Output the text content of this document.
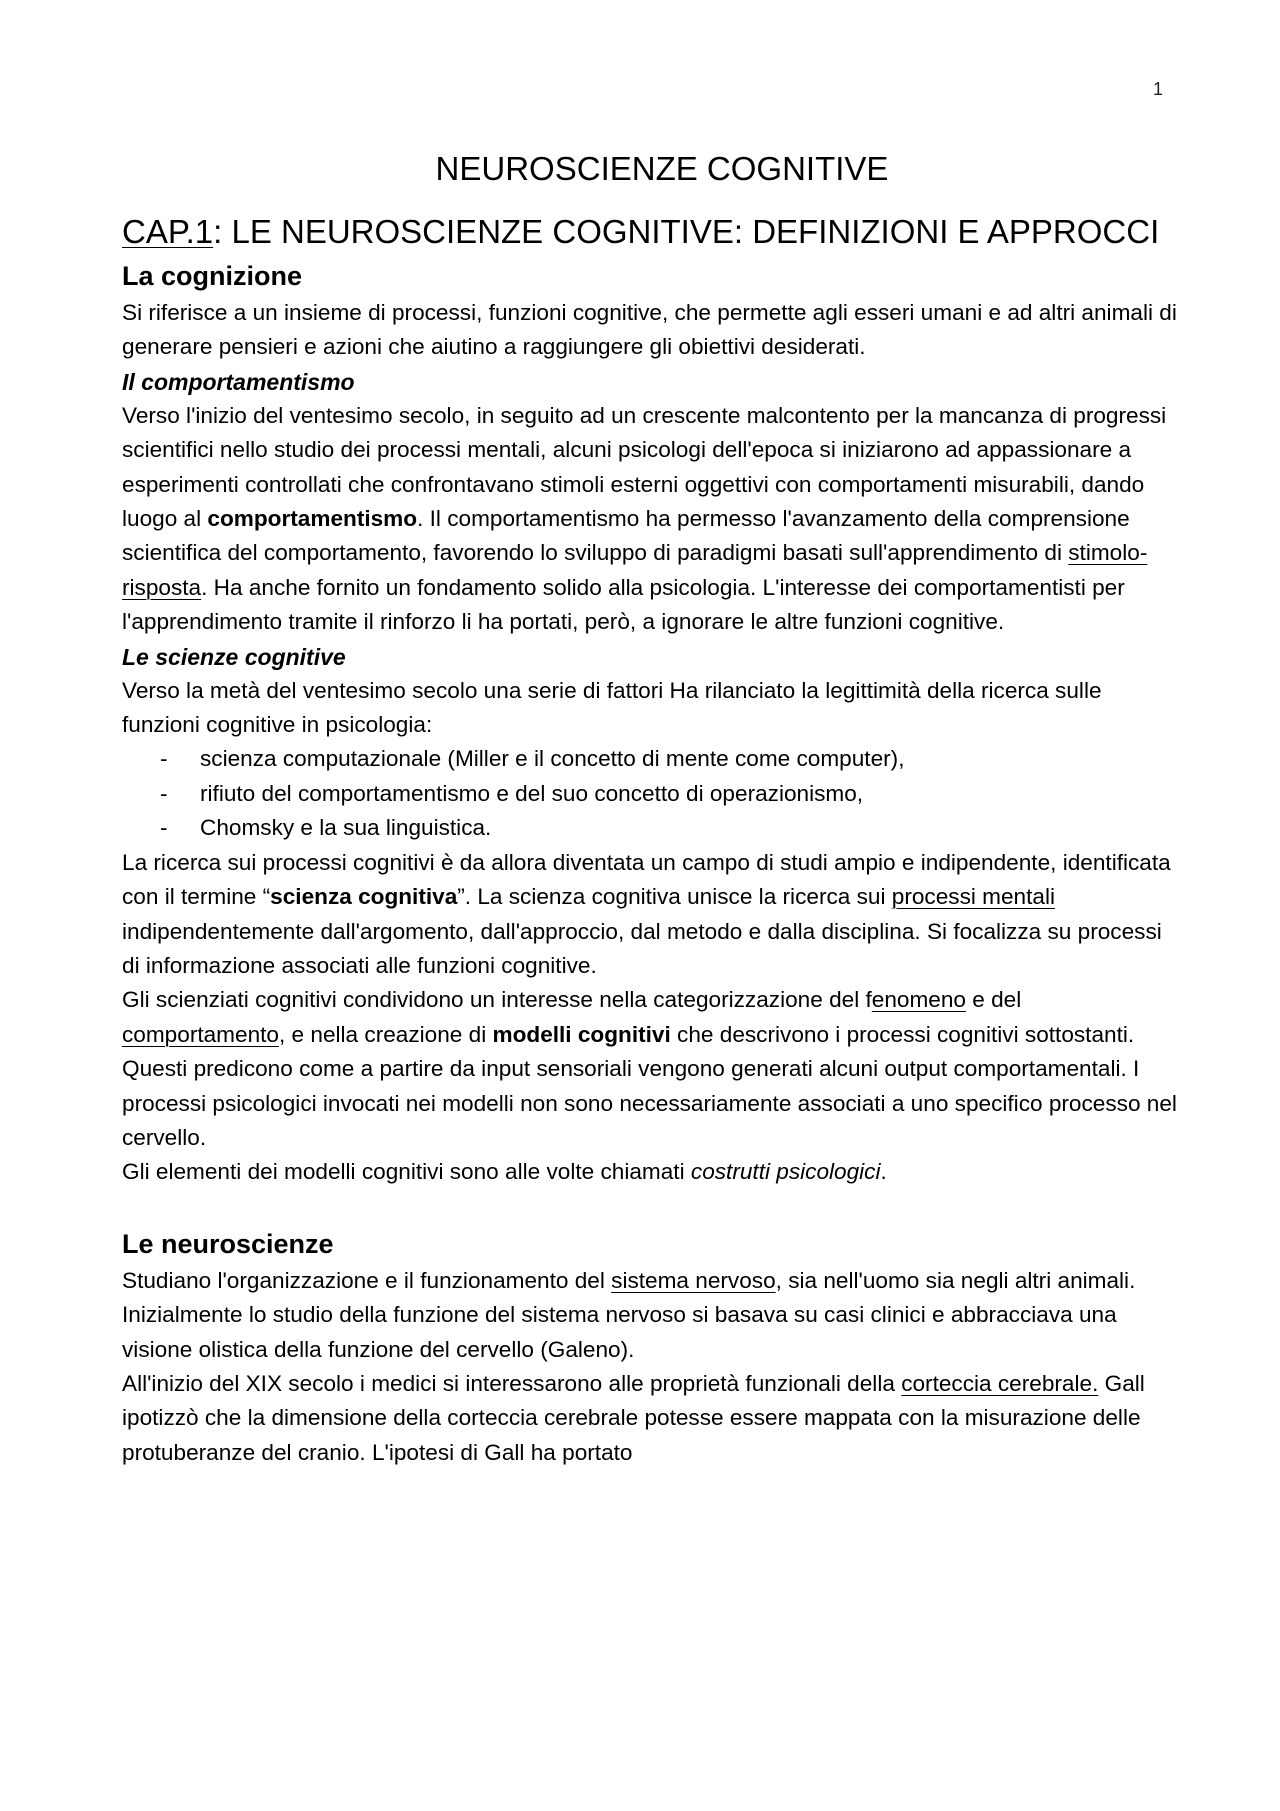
1
NEUROSCIENZE COGNITIVE
CAP.1: LE NEUROSCIENZE COGNITIVE: DEFINIZIONI E APPROCCI
La cognizione

Si riferisce a un insieme di processi, funzioni cognitive, che permette agli esseri umani e ad altri animali di generare pensieri e azioni che aiutino a raggiungere gli obiettivi desiderati.

Il comportamentismo

Verso l'inizio del ventesimo secolo, in seguito ad un crescente malcontento per la mancanza di progressi scientifici nello studio dei processi mentali, alcuni psicologi dell'epoca si iniziarono ad appassionare a esperimenti controllati che confrontavano stimoli esterni oggettivi con comportamenti misurabili, dando luogo al comportamentismo. Il comportamentismo ha permesso l'avanzamento della comprensione scientifica del comportamento, favorendo lo sviluppo di paradigmi basati sull'apprendimento di stimolo-risposta. Ha anche fornito un fondamento solido alla psicologia. L'interesse dei comportamentisti per l'apprendimento tramite il rinforzo li ha portati, però, a ignorare le altre funzioni cognitive.

Le scienze cognitive

Verso la metà del ventesimo secolo una serie di fattori Ha rilanciato la legittimità della ricerca sulle funzioni cognitive in psicologia:

- scienza computazionale (Miller e il concetto di mente come computer),
- rifiuto del comportamentismo e del suo concetto di operazionismo,
- Chomsky e la sua linguistica.

La ricerca sui processi cognitivi è da allora diventata un campo di studi ampio e indipendente, identificata con il termine “scienza cognitiva”. La scienza cognitiva unisce la ricerca sui processi mentali indipendentemente dall'argomento, dall'approccio, dal metodo e dalla disciplina. Si focalizza su processi di informazione associati alle funzioni cognitive.

Gli scienziati cognitivi condividono un interesse nella categorizzazione del fenomeno e del comportamento, e nella creazione di modelli cognitivi che descrivono i processi cognitivi sottostanti. Questi predicono come a partire da input sensoriali vengono generati alcuni output comportamentali. I processi psicologici invocati nei modelli non sono necessariamente associati a uno specifico processo nel cervello.

Gli elementi dei modelli cognitivi sono alle volte chiamati costrutti psicologici.

Le neuroscienze

Studiano l'organizzazione e il funzionamento del sistema nervoso, sia nell'uomo sia negli altri animali.

Inizialmente lo studio della funzione del sistema nervoso si basava su casi clinici e abbracciava una visione olistica della funzione del cervello (Galeno).

All'inizio del XIX secolo i medici si interessarono alle proprietà funzionali della corteccia cerebrale. Gall ipotizzò che la dimensione della corteccia cerebrale potesse essere mappata con la misurazione delle protuberanze del cranio. L'ipotesi di Gall ha portato
